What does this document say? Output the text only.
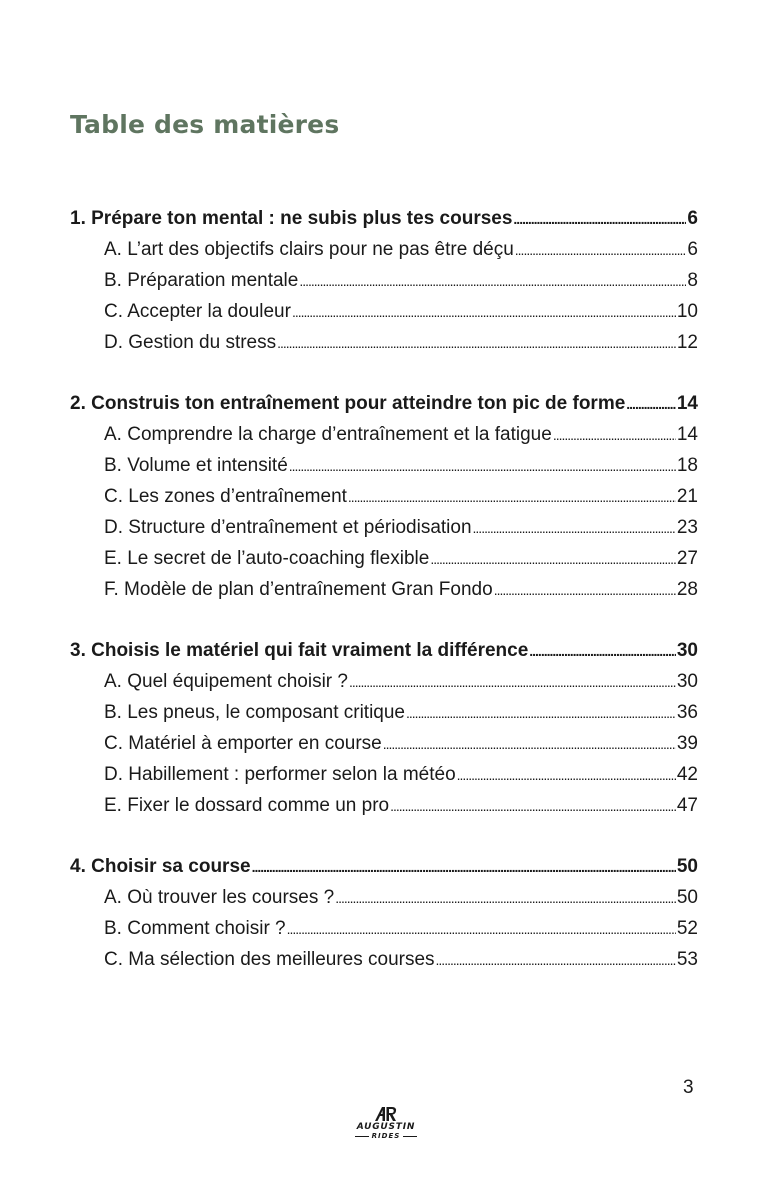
Table des matières
1. Prépare ton mental : ne subis plus tes courses .....	6
A. L’art des objectifs clairs pour ne pas être déçu .....	6
B. Préparation mentale .....	8
C. Accepter la douleur .....	10
D. Gestion du stress .....	12
2. Construis ton entraînement pour atteindre ton pic de forme .....	14
A. Comprendre la charge d’entraînement et la fatigue .....	14
B. Volume et intensité .....	18
C. Les zones d’entraînement .....	21
D. Structure d’entraînement et périodisation .....	23
E. Le secret de l’auto-coaching flexible .....	27
F. Modèle de plan d’entraînement Gran Fondo .....	28
3. Choisis le matériel qui fait vraiment la différence .....	30
A. Quel équipement choisir ? .....	30
B. Les pneus, le composant critique .....	36
C. Matériel à emporter en course .....	39
D. Habillement : performer selon la météo .....	42
E. Fixer le dossard comme un pro .....	47
4. Choisir sa course .....	50
A. Où trouver les courses ? .....	50
B. Comment choisir ? .....	52
C. Ma sélection des meilleures courses .....	53
3
AUGUSTIN
RIDES
